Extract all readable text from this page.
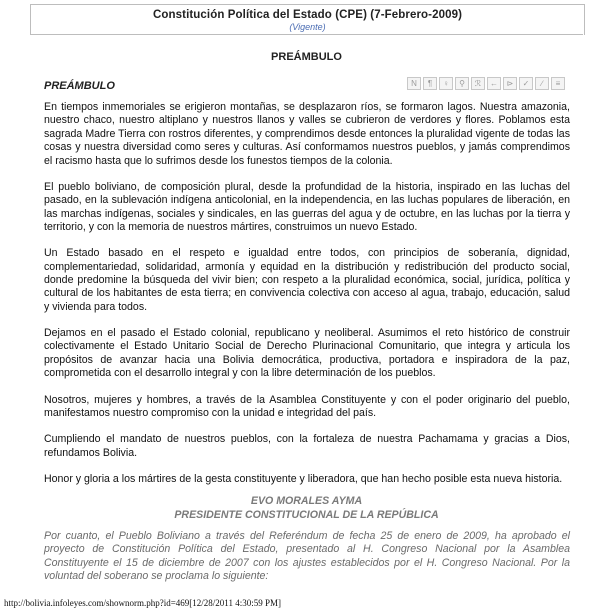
Constitución Política del Estado (CPE) (7-Febrero-2009)
(Vigente)
PREÁMBULO
PREÁMBULO	N	¶	♀	⚲	ℛ	←	⊳	✓	∕	≡

En tiempos inmemoriales se erigieron montañas, se desplazaron ríos, se formaron lagos. Nuestra amazonia, nuestro chaco, nuestro altiplano y nuestros llanos y valles se cubrieron de verdores y flores. Poblamos esta sagrada Madre Tierra con rostros diferentes, y comprendimos desde entonces la pluralidad vigente de todas las cosas y nuestra diversidad como seres y culturas. Así conformamos nuestros pueblos, y jamás comprendimos el racismo hasta que lo sufrimos desde los funestos tiempos de la colonia.

El pueblo boliviano, de composición plural, desde la profundidad de la historia, inspirado en las luchas del pasado, en la sublevación indígena anticolonial, en la independencia, en las luchas populares de liberación, en las marchas indígenas, sociales y sindicales, en las guerras del agua y de octubre, en las luchas por la tierra y territorio, y con la memoria de nuestros mártires, construimos un nuevo Estado.

Un Estado basado en el respeto e igualdad entre todos, con principios de soberanía, dignidad, complementariedad, solidaridad, armonía y equidad en la distribución y redistribución del producto social, donde predomine la búsqueda del vivir bien; con respeto a la pluralidad económica, social, jurídica, política y cultural de los habitantes de esta tierra; en convivencia colectiva con acceso al agua, trabajo, educación, salud y vivienda para todos.

Dejamos en el pasado el Estado colonial, republicano y neoliberal. Asumimos el reto histórico de construir colectivamente el Estado Unitario Social de Derecho Plurinacional Comunitario, que integra y articula los propósitos de avanzar hacia una Bolivia democrática, productiva, portadora e inspiradora de la paz, comprometida con el desarrollo integral y con la libre determinación de los pueblos.

Nosotros, mujeres y hombres, a través de la Asamblea Constituyente y con el poder originario del pueblo, manifestamos nuestro compromiso con la unidad e integridad del país.

Cumpliendo el mandato de nuestros pueblos, con la fortaleza de nuestra Pachamama y gracias a Dios, refundamos Bolivia.

Honor y gloria a los mártires de la gesta constituyente y liberadora, que han hecho posible esta nueva historia.

EVO MORALES AYMA
PRESIDENTE CONSTITUCIONAL DE LA REPÚBLICA
Por cuanto, el Pueblo Boliviano a través del Referéndum de fecha 25 de enero de 2009, ha aprobado el proyecto de Constitución Política del Estado, presentado al H. Congreso Nacional por la Asamblea Constituyente el 15 de diciembre de 2007 con los ajustes establecidos por el H. Congreso Nacional. Por la voluntad del soberano se proclama lo siguiente:
http://bolivia.infoleyes.com/shownorm.php?id=469[12/28/2011 4:30:59 PM]
